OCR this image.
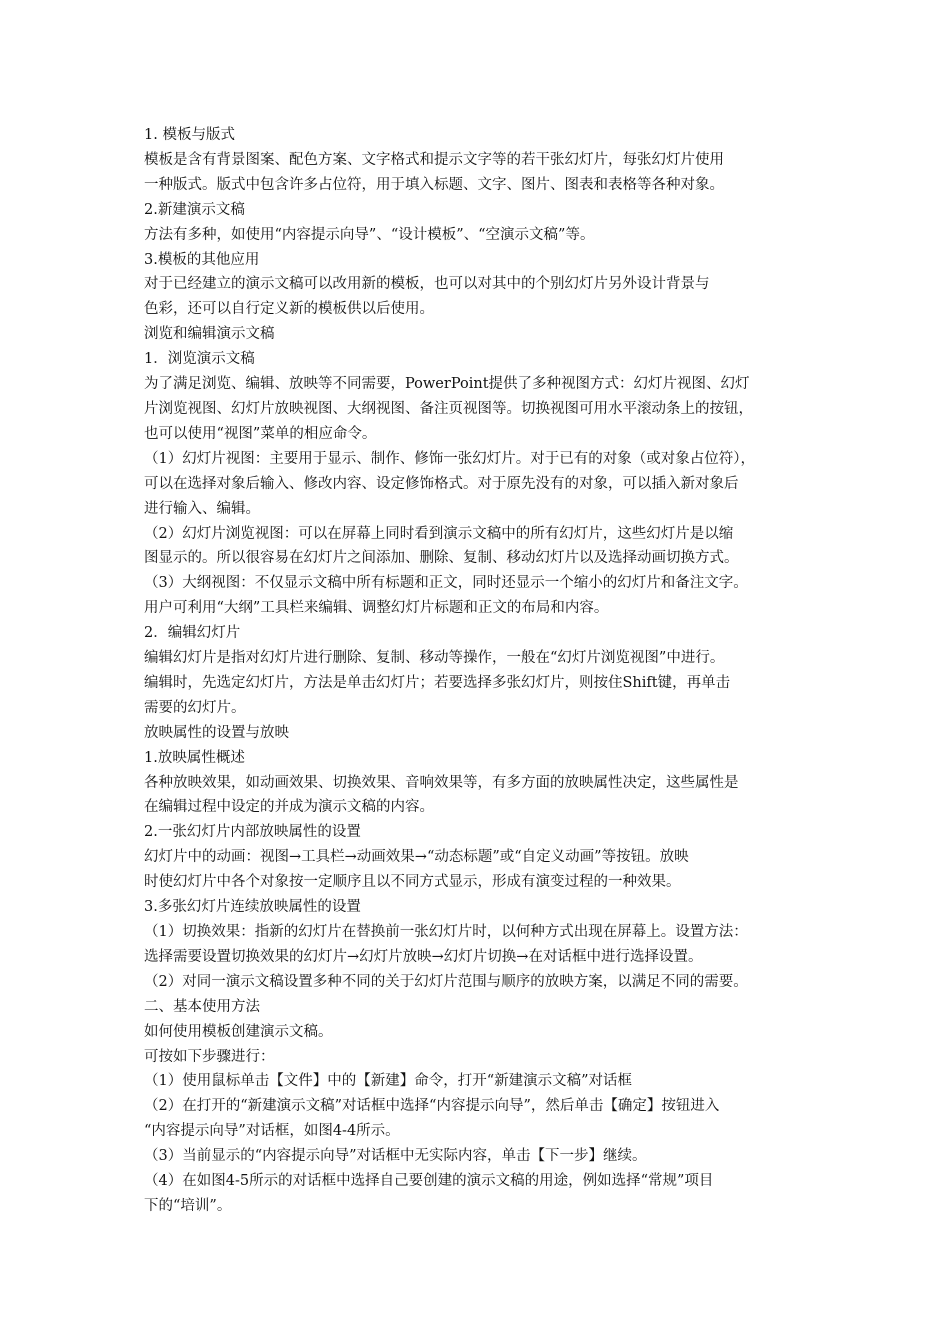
1. 模板与版式

模板是含有背景图案、配色方案、文字格式和提示文字等的若干张幻灯片，每张幻灯片使用

一种版式。版式中包含许多占位符，用于填入标题、文字、图片、图表和表格等各种对象。

2.新建演示文稿

方法有多种，如使用“内容提示向导”、“设计模板”、“空演示文稿”等。

3.模板的其他应用

对于已经建立的演示文稿可以改用新的模板，也可以对其中的个别幻灯片另外设计背景与

色彩，还可以自行定义新的模板供以后使用。

浏览和编辑演示文稿

1．浏览演示文稿

为了满足浏览、编辑、放映等不同需要，PowerPoint提供了多种视图方式：幻灯片视图、幻灯

片浏览视图、幻灯片放映视图、大纲视图、备注页视图等。切换视图可用水平滚动条上的按钮，

也可以使用“视图”菜单的相应命令。

（1）幻灯片视图：主要用于显示、制作、修饰一张幻灯片。对于已有的对象（或对象占位符），

可以在选择对象后输入、修改内容、设定修饰格式。对于原先没有的对象，可以插入新对象后

进行输入、编辑。

（2）幻灯片浏览视图：可以在屏幕上同时看到演示文稿中的所有幻灯片，这些幻灯片是以缩

图显示的。所以很容易在幻灯片之间添加、删除、复制、移动幻灯片以及选择动画切换方式。

（3）大纲视图：不仅显示文稿中所有标题和正文，同时还显示一个缩小的幻灯片和备注文字。

用户可利用“大纲”工具栏来编辑、调整幻灯片标题和正文的布局和内容。

2．编辑幻灯片

编辑幻灯片是指对幻灯片进行删除、复制、移动等操作，一般在“幻灯片浏览视图”中进行。

编辑时，先选定幻灯片，方法是单击幻灯片；若要选择多张幻灯片，则按住Shift键，再单击

需要的幻灯片。

放映属性的设置与放映

1.放映属性概述

各种放映效果，如动画效果、切换效果、音响效果等，有多方面的放映属性决定，这些属性是

在编辑过程中设定的并成为演示文稿的内容。

2.一张幻灯片内部放映属性的设置

幻灯片中的动画：视图→工具栏→动画效果→“动态标题”或“自定义动画”等按钮。放映

时使幻灯片中各个对象按一定顺序且以不同方式显示，形成有演变过程的一种效果。

3.多张幻灯片连续放映属性的设置

（1）切换效果：指新的幻灯片在替换前一张幻灯片时，以何种方式出现在屏幕上。设置方法：

选择需要设置切换效果的幻灯片→幻灯片放映→幻灯片切换→在对话框中进行选择设置。

（2）对同一演示文稿设置多种不同的关于幻灯片范围与顺序的放映方案，以满足不同的需要。

二、基本使用方法

如何使用模板创建演示文稿。

可按如下步骤进行：

（1）使用鼠标单击【文件】中的【新建】命令，打开“新建演示文稿”对话框

（2）在打开的“新建演示文稿”对话框中选择“内容提示向导”，然后单击【确定】按钮进入

“内容提示向导”对话框，如图4-4所示。

（3）当前显示的“内容提示向导”对话框中无实际内容，单击【下一步】继续。

（4）在如图4-5所示的对话框中选择自己要创建的演示文稿的用途，例如选择“常规”项目

下的“培训”。
